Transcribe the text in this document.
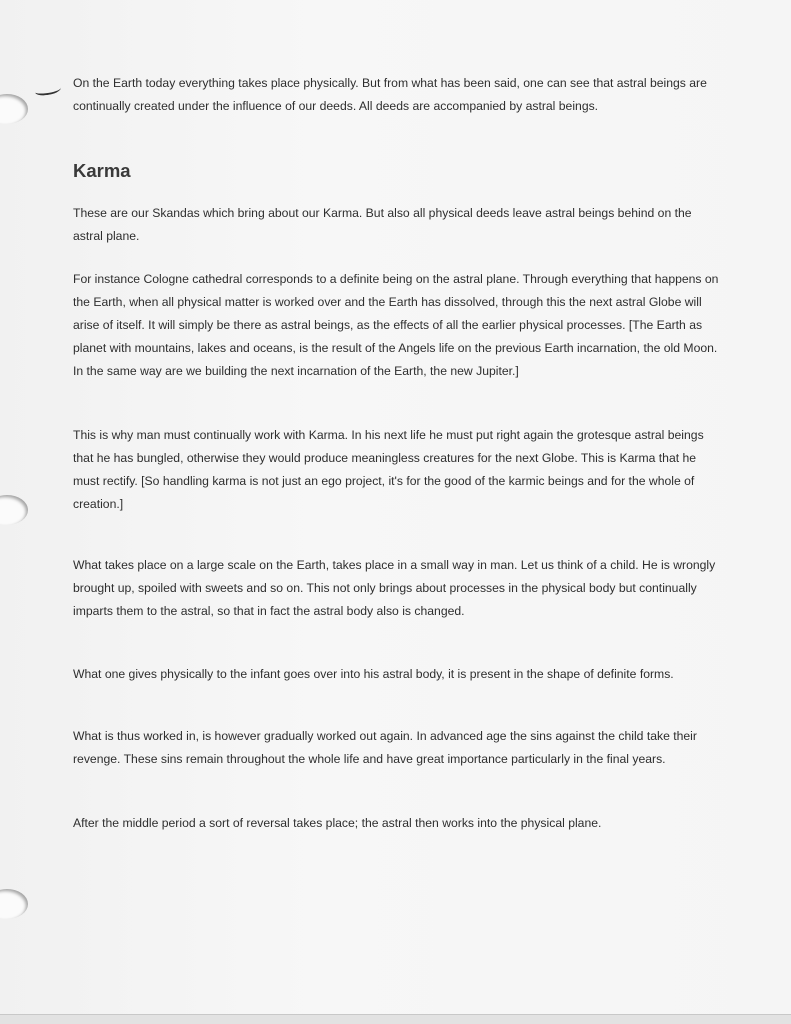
On the Earth today everything takes place physically. But from what has been said, one can see that astral beings are continually created under the influence of our deeds. All deeds are accompanied by astral beings.

Karma

These are our Skandas which bring about our Karma. But also all physical deeds leave astral beings behind on the astral plane.

For instance Cologne cathedral corresponds to a definite being on the astral plane. Through everything that happens on the Earth, when all physical matter is worked over and the Earth has dissolved, through this the next astral Globe will arise of itself. It will simply be there as astral beings, as the effects of all the earlier physical processes. [The Earth as planet with mountains, lakes and oceans, is the result of the Angels life on the previous Earth incarnation, the old Moon. In the same way are we building the next incarnation of the Earth, the new Jupiter.]

This is why man must continually work with Karma. In his next life he must put right again the grotesque astral beings that he has bungled, otherwise they would produce meaningless creatures for the next Globe. This is Karma that he must rectify. [So handling karma is not just an ego project, it's for the good of the karmic beings and for the whole of creation.]

What takes place on a large scale on the Earth, takes place in a small way in man. Let us think of a child. He is wrongly brought up, spoiled with sweets and so on. This not only brings about processes in the physical body but continually imparts them to the astral, so that in fact the astral body also is changed.

What one gives physically to the infant goes over into his astral body, it is present in the shape of definite forms.

What is thus worked in, is however gradually worked out again. In advanced age the sins against the child take their revenge. These sins remain throughout the whole life and have great importance particularly in the final years.

After the middle period a sort of reversal takes place; the astral then works into the physical plane.
